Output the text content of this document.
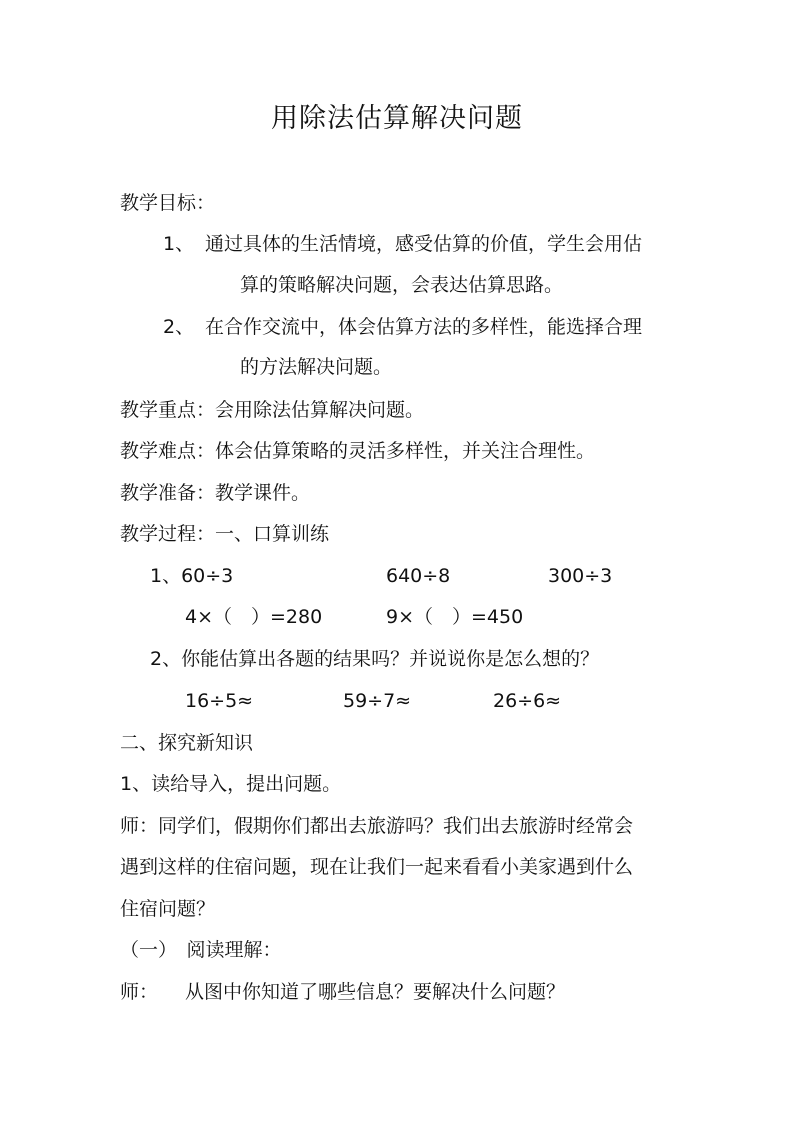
用除法估算解决问题
教学目标：
1、 通过具体的生活情境，感受估算的价值，学生会用估
算的策略解决问题，会表达估算思路。
2、 在合作交流中，体会估算方法的多样性，能选择合理
的方法解决问题。
教学重点：会用除法估算解决问题。
教学难点：体会估算策略的灵活多样性，并关注合理性。
教学准备：教学课件。
教学过程：一、口算训练
1、60÷3	640÷8	300÷3
4×（　）=280	9×（　）=450
2、你能估算出各题的结果吗？并说说你是怎么想的？
16÷5≈	59÷7≈	26÷6≈
二、探究新知识
1、读给导入，提出问题。
师：同学们，假期你们都出去旅游吗？我们出去旅游时经常会
遇到这样的住宿问题，现在让我们一起来看看小美家遇到什么
住宿问题？
（一）　阅读理解：
师： 从图中你知道了哪些信息？要解决什么问题？
